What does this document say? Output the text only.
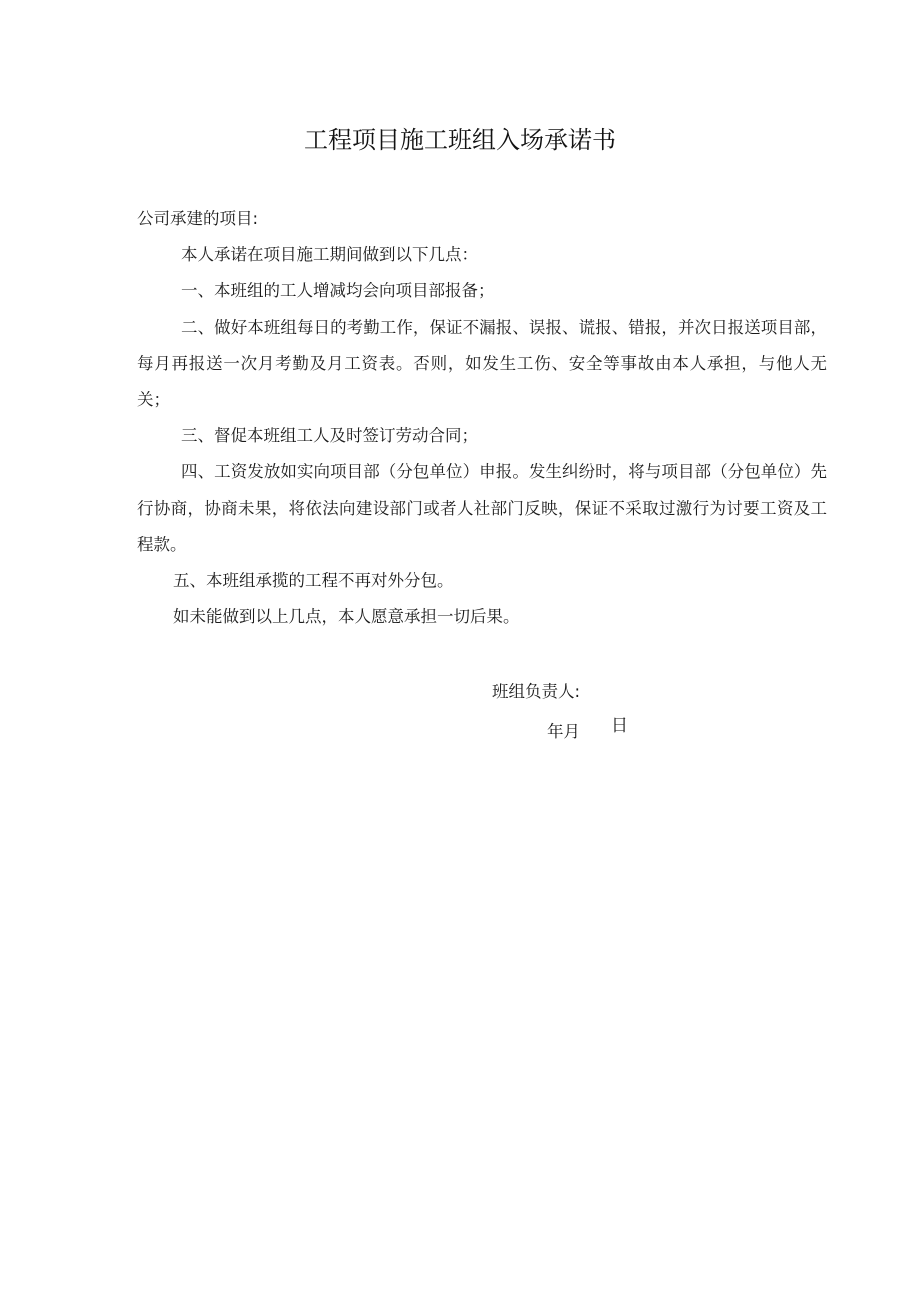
工程项目施工班组入场承诺书

公司承建的项目:

本人承诺在项目施工期间做到以下几点：

一、本班组的工人增减均会向项目部报备；

二、做好本班组每日的考勤工作，保证不漏报、误报、谎报、错报，并次日报送项目部，每月再报送一次月考勤及月工资表。否则，如发生工伤、安全等事故由本人承担，与他人无关；

三、督促本班组工人及时签订劳动合同；

四、工资发放如实向项目部（分包单位）申报。发生纠纷时，将与项目部（分包单位）先行协商，协商未果，将依法向建设部门或者人社部门反映，保证不采取过激行为讨要工资及工程款。

五、本班组承揽的工程不再对外分包。

如未能做到以上几点，本人愿意承担一切后果。

班组负责人:
年月 日
